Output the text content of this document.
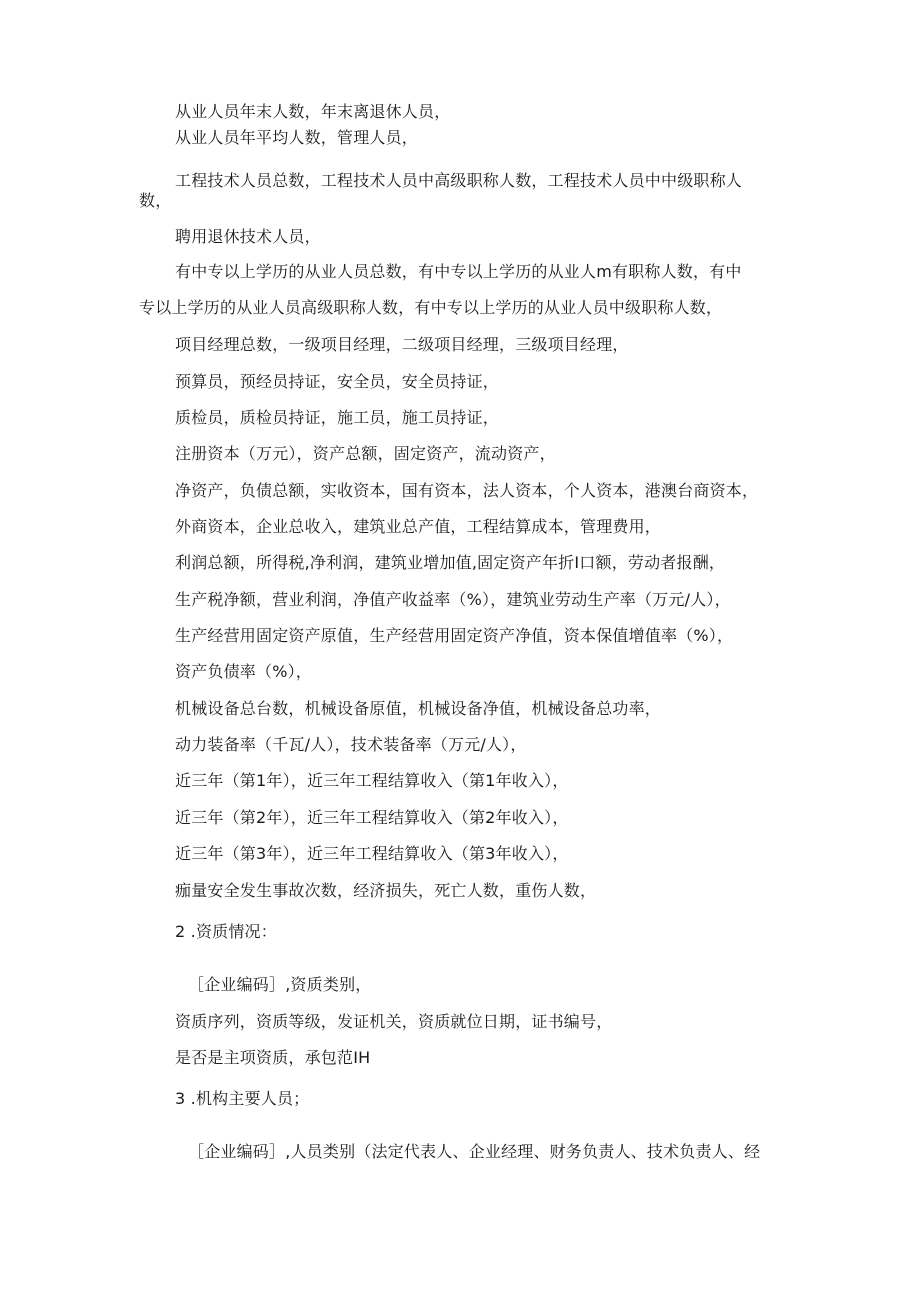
从业人员年末人数，年末离退休人员，
从业人员年平均人数，管理人员，
工程技术人员总数，工程技术人员中高级职称人数，工程技术人员中中级职称人
数，
聘用退休技术人员，
有中专以上学历的从业人员总数，有中专以上学历的从业人m有职称人数，有中
专以上学历的从业人员高级职称人数，有中专以上学历的从业人员中级职称人数，
项目经理总数，一级项目经理，二级项目经理，三级项目经理，
预算员，预经员持证，安全员，安全员持证，
质检员，质检员持证，施工员，施工员持证，
注册资本（万元），资产总额，固定资产，流动资产，
净资产，负债总额，实收资本，国有资本，法人资本，个人资本，港澳台商资本，
外商资本，企业总收入，建筑业总产值，工程结算成本，管理费用，
利润总额，所得税,净利润，建筑业增加值,固定资产年折I口额，劳动者报酬，
生产税净额，营业利润，净值产收益率（%），建筑业劳动生产率（万元/人），
生产经营用固定资产原值，生产经营用固定资产净值，资本保值增值率（%），
资产负债率（%），
机械设备总台数，机械设备原值，机械设备净值，机械设备总功率，
动力装备率（千瓦/人），技术装备率（万元/人），
近三年（第1年），近三年工程结算收入（第1年收入），
近三年（第2年），近三年工程结算收入（第2年收入），
近三年（第3年），近三年工程结算收入（第3年收入），
痂量安全发生事故次数，经济损失，死亡人数，重伤人数，
2 .资质情况：
［企业编码］,资质类别，
资质序列，资质等级，发证机关，资质就位日期，证书编号，
是否是主项资质，承包范IH
3 .机构主要人员；
［企业编码］,人员类别（法定代表人、企业经理、财务负责人、技术负责人、经
